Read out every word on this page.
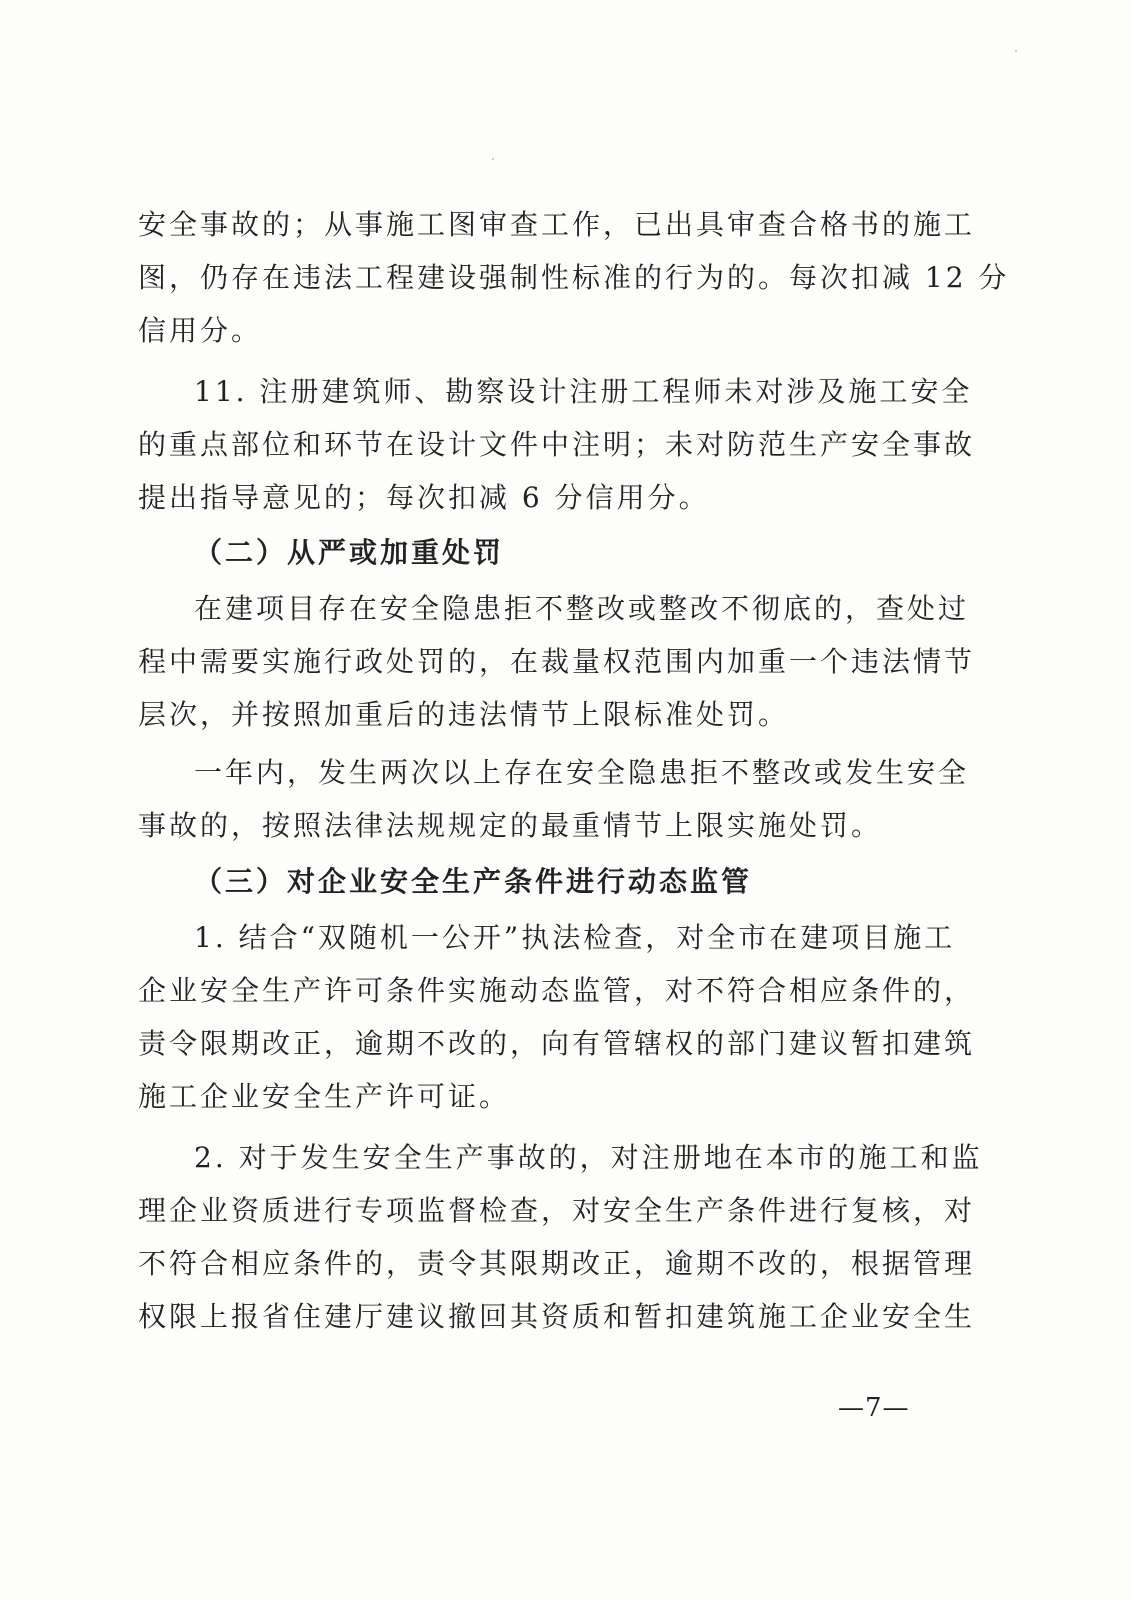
安全事故的；从事施工图审查工作，已出具审查合格书的施工
图，仍存在违法工程建设强制性标准的行为的。每次扣减 12 分
信用分。
11. 注册建筑师、勘察设计注册工程师未对涉及施工安全
的重点部位和环节在设计文件中注明；未对防范生产安全事故
提出指导意见的；每次扣减 6 分信用分。
（二）从严或加重处罚
在建项目存在安全隐患拒不整改或整改不彻底的，查处过
程中需要实施行政处罚的，在裁量权范围内加重一个违法情节
层次，并按照加重后的违法情节上限标准处罚。
一年内，发生两次以上存在安全隐患拒不整改或发生安全
事故的，按照法律法规规定的最重情节上限实施处罚。
（三）对企业安全生产条件进行动态监管
1. 结合“双随机一公开”执法检查，对全市在建项目施工
企业安全生产许可条件实施动态监管，对不符合相应条件的，
责令限期改正，逾期不改的，向有管辖权的部门建议暂扣建筑
施工企业安全生产许可证。
2. 对于发生安全生产事故的，对注册地在本市的施工和监
理企业资质进行专项监督检查，对安全生产条件进行复核，对
不符合相应条件的，责令其限期改正，逾期不改的，根据管理
权限上报省住建厅建议撤回其资质和暂扣建筑施工企业安全生
—7—
